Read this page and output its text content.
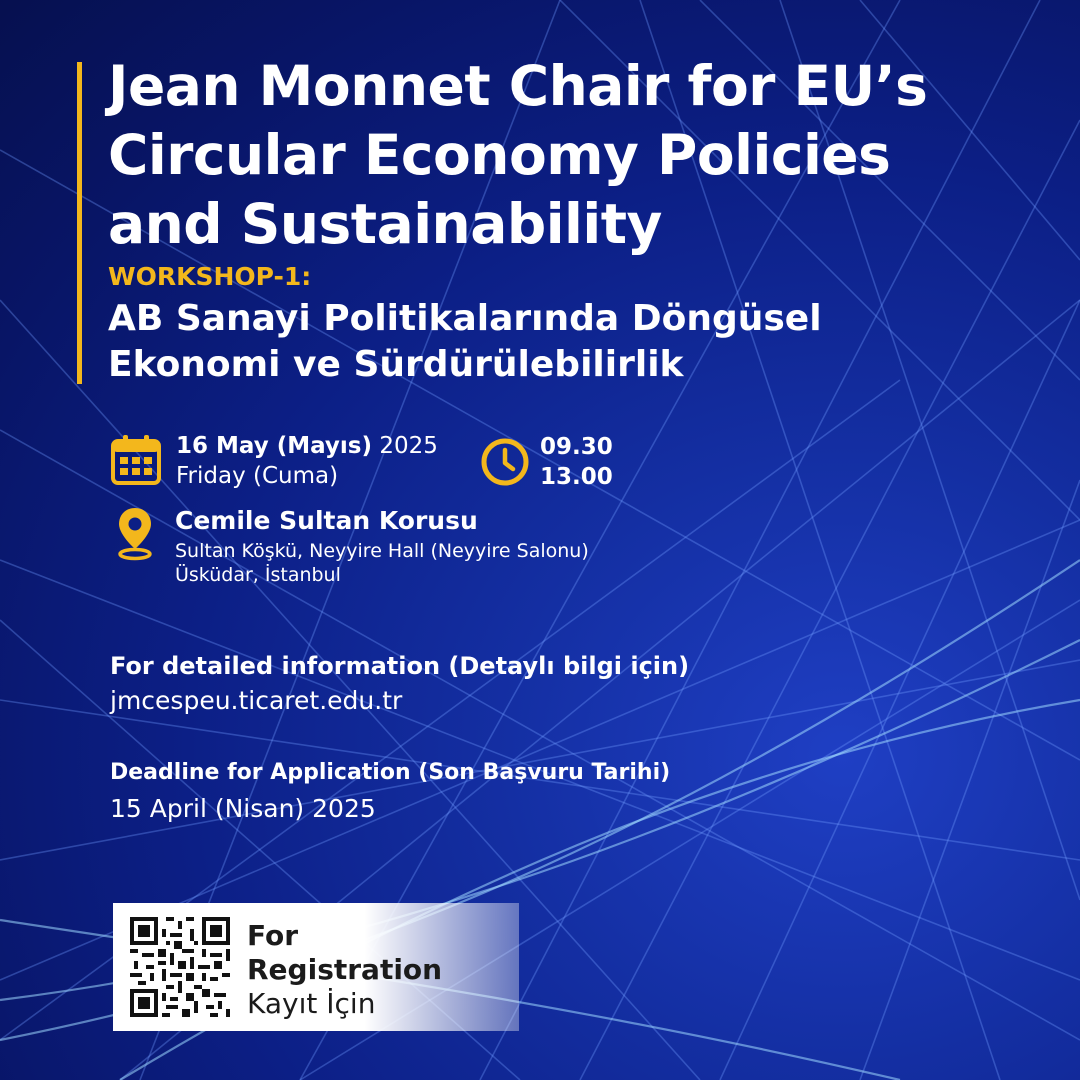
Jean Monnet Chair for EU’s
Circular Economy Policies
and Sustainability
WORKSHOP-1:
AB Sanayi Politikalarında Döngüsel
Ekonomi ve Sürdürülebilirlik
16 May (Mayıs) 2025
Friday (Cuma)
09.30
13.00
Cemile Sultan Korusu
Sultan Köşkü, Neyyire Hall (Neyyire Salonu)
Üsküdar, İstanbul
For detailed information (Detaylı bilgi için)
jmcespeu.ticaret.edu.tr
Deadline for Application (Son Başvuru Tarihi)
15 April (Nisan) 2025
For
Registration
Kayıt İçin
